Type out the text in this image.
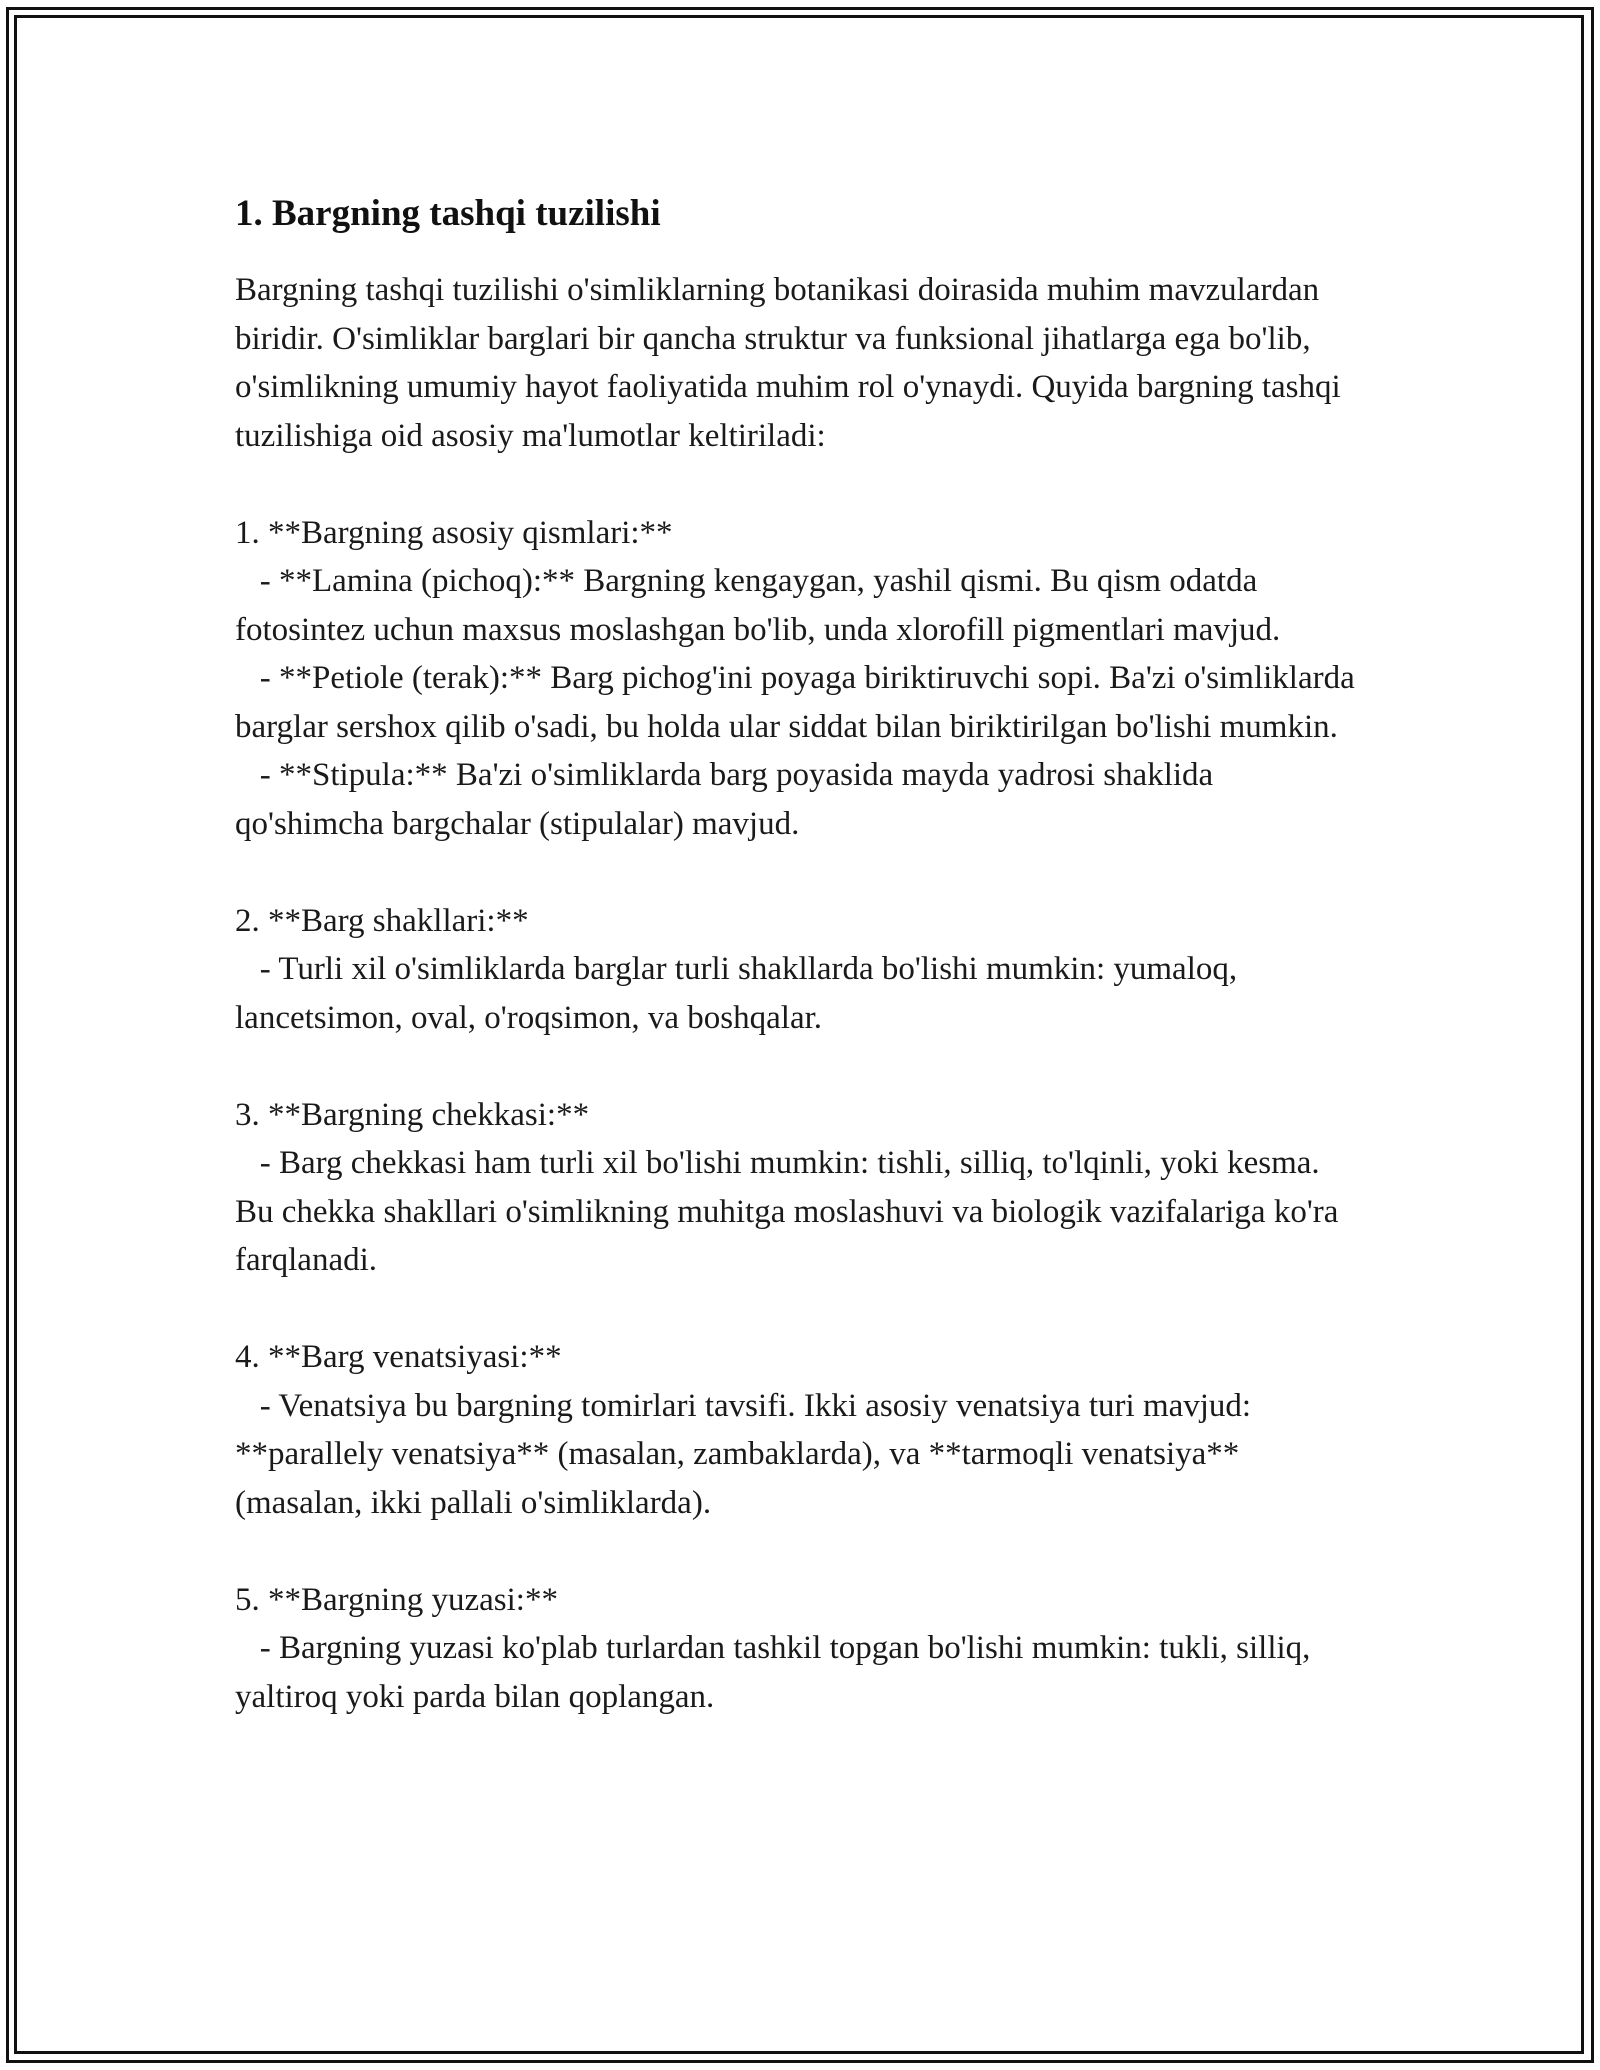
1. Bargning tashqi tuzilishi

Bargning tashqi tuzilishi o'simliklarning botanikasi doirasida muhim mavzulardan biridir. O'simliklar barglari bir qancha struktur va funksional jihatlarga ega bo'lib, o'simlikning umumiy hayot faoliyatida muhim rol o'ynaydi. Quyida bargning tashqi tuzilishiga oid asosiy ma'lumotlar keltiriladi:

1. **Bargning asosiy qismlari:**

- **Lamina (pichoq):** Bargning kengaygan, yashil qismi. Bu qism odatda fotosintez uchun maxsus moslashgan bo'lib, unda xlorofill pigmentlari mavjud.

- **Petiole (terak):** Barg pichog'ini poyaga biriktiruvchi sopi. Ba'zi o'simliklarda barglar sershox qilib o'sadi, bu holda ular siddat bilan biriktirilgan bo'lishi mumkin.

- **Stipula:** Ba'zi o'simliklarda barg poyasida mayda yadrosi shaklida qo'shimcha bargchalar (stipulalar) mavjud.

2. **Barg shakllari:**

- Turli xil o'simliklarda barglar turli shakllarda bo'lishi mumkin: yumaloq, lancetsimon, oval, o'roqsimon, va boshqalar.

3. **Bargning chekkasi:**

- Barg chekkasi ham turli xil bo'lishi mumkin: tishli, silliq, to'lqinli, yoki kesma. Bu chekka shakllari o'simlikning muhitga moslashuvi va biologik vazifalariga ko'ra farqlanadi.

4. **Barg venatsiyasi:**

- Venatsiya bu bargning tomirlari tavsifi. Ikki asosiy venatsiya turi mavjud: **parallely venatsiya** (masalan, zambaklarda), va **tarmoqli venatsiya** (masalan, ikki pallali o'simliklarda).

5. **Bargning yuzasi:**

- Bargning yuzasi ko'plab turlardan tashkil topgan bo'lishi mumkin: tukli, silliq, yaltiroq yoki parda bilan qoplangan.
